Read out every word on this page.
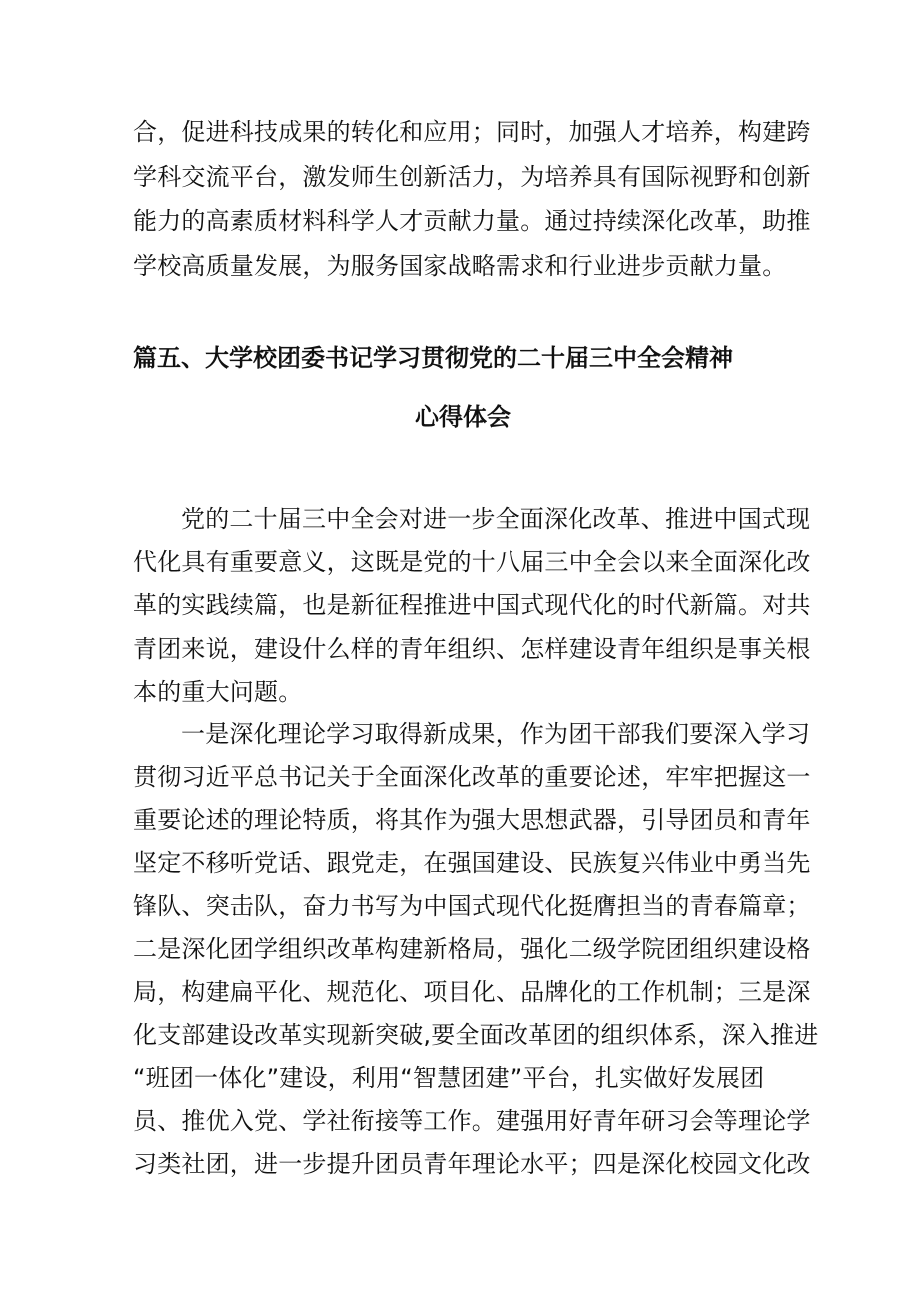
合，促进科技成果的转化和应用；同时，加强人才培养，构建跨
学科交流平台，激发师生创新活力，为培养具有国际视野和创新
能力的高素质材料科学人才贡献力量。通过持续深化改革，助推
学校高质量发展，为服务国家战略需求和行业进步贡献力量。
篇五、大学校团委书记学习贯彻党的二十届三中全会精神
心得体会
党的二十届三中全会对进一步全面深化改革、推进中国式现
代化具有重要意义，这既是党的十八届三中全会以来全面深化改
革的实践续篇，也是新征程推进中国式现代化的时代新篇。对共
青团来说，建设什么样的青年组织、怎样建设青年组织是事关根
本的重大问题。
一是深化理论学习取得新成果，作为团干部我们要深入学习
贯彻习近平总书记关于全面深化改革的重要论述，牢牢把握这一
重要论述的理论特质，将其作为强大思想武器，引导团员和青年
坚定不移听党话、跟党走，在强国建设、民族复兴伟业中勇当先
锋队、突击队，奋力书写为中国式现代化挺膺担当的青春篇章；
二是深化团学组织改革构建新格局，强化二级学院团组织建设格
局，构建扁平化、规范化、项目化、品牌化的工作机制；三是深
化支部建设改革实现新突破,要全面改革团的组织体系，深入推进
“班团一体化”建设，利用“智慧团建”平台，扎实做好发展团
员、推优入党、学社衔接等工作。建强用好青年研习会等理论学
习类社团，进一步提升团员青年理论水平；四是深化校园文化改
